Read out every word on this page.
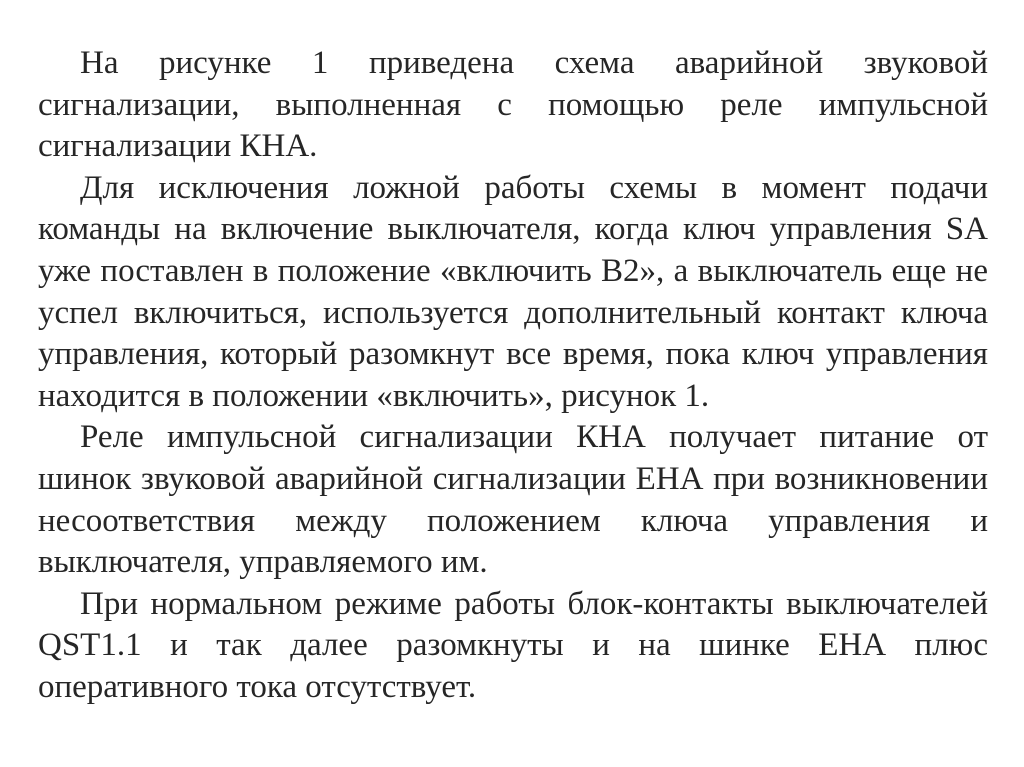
На рисунке 1 приведена схема аварийной звуковой сигнализации, выполненная с помощью реле импульсной сигнализации КНА.

Для исключения ложной работы схемы в момент подачи команды на включение выключателя, когда ключ управления SA уже поставлен в положение «включить В2», а выключатель еще не успел включиться, используется дополнительный контакт ключа управления, который разомкнут все время, пока ключ управления находится в положении «включить», рисунок 1.

Реле импульсной сигнализации КНА получает питание от шинок звуковой аварийной сигнализации ЕНА при возникновении несоответствия между положением ключа управления и выключателя, управляемого им.

При нормальном режиме работы блок-контакты выключателей QST1.1 и так далее разомкнуты и на шинке ЕНА плюс оперативного тока отсутствует.
